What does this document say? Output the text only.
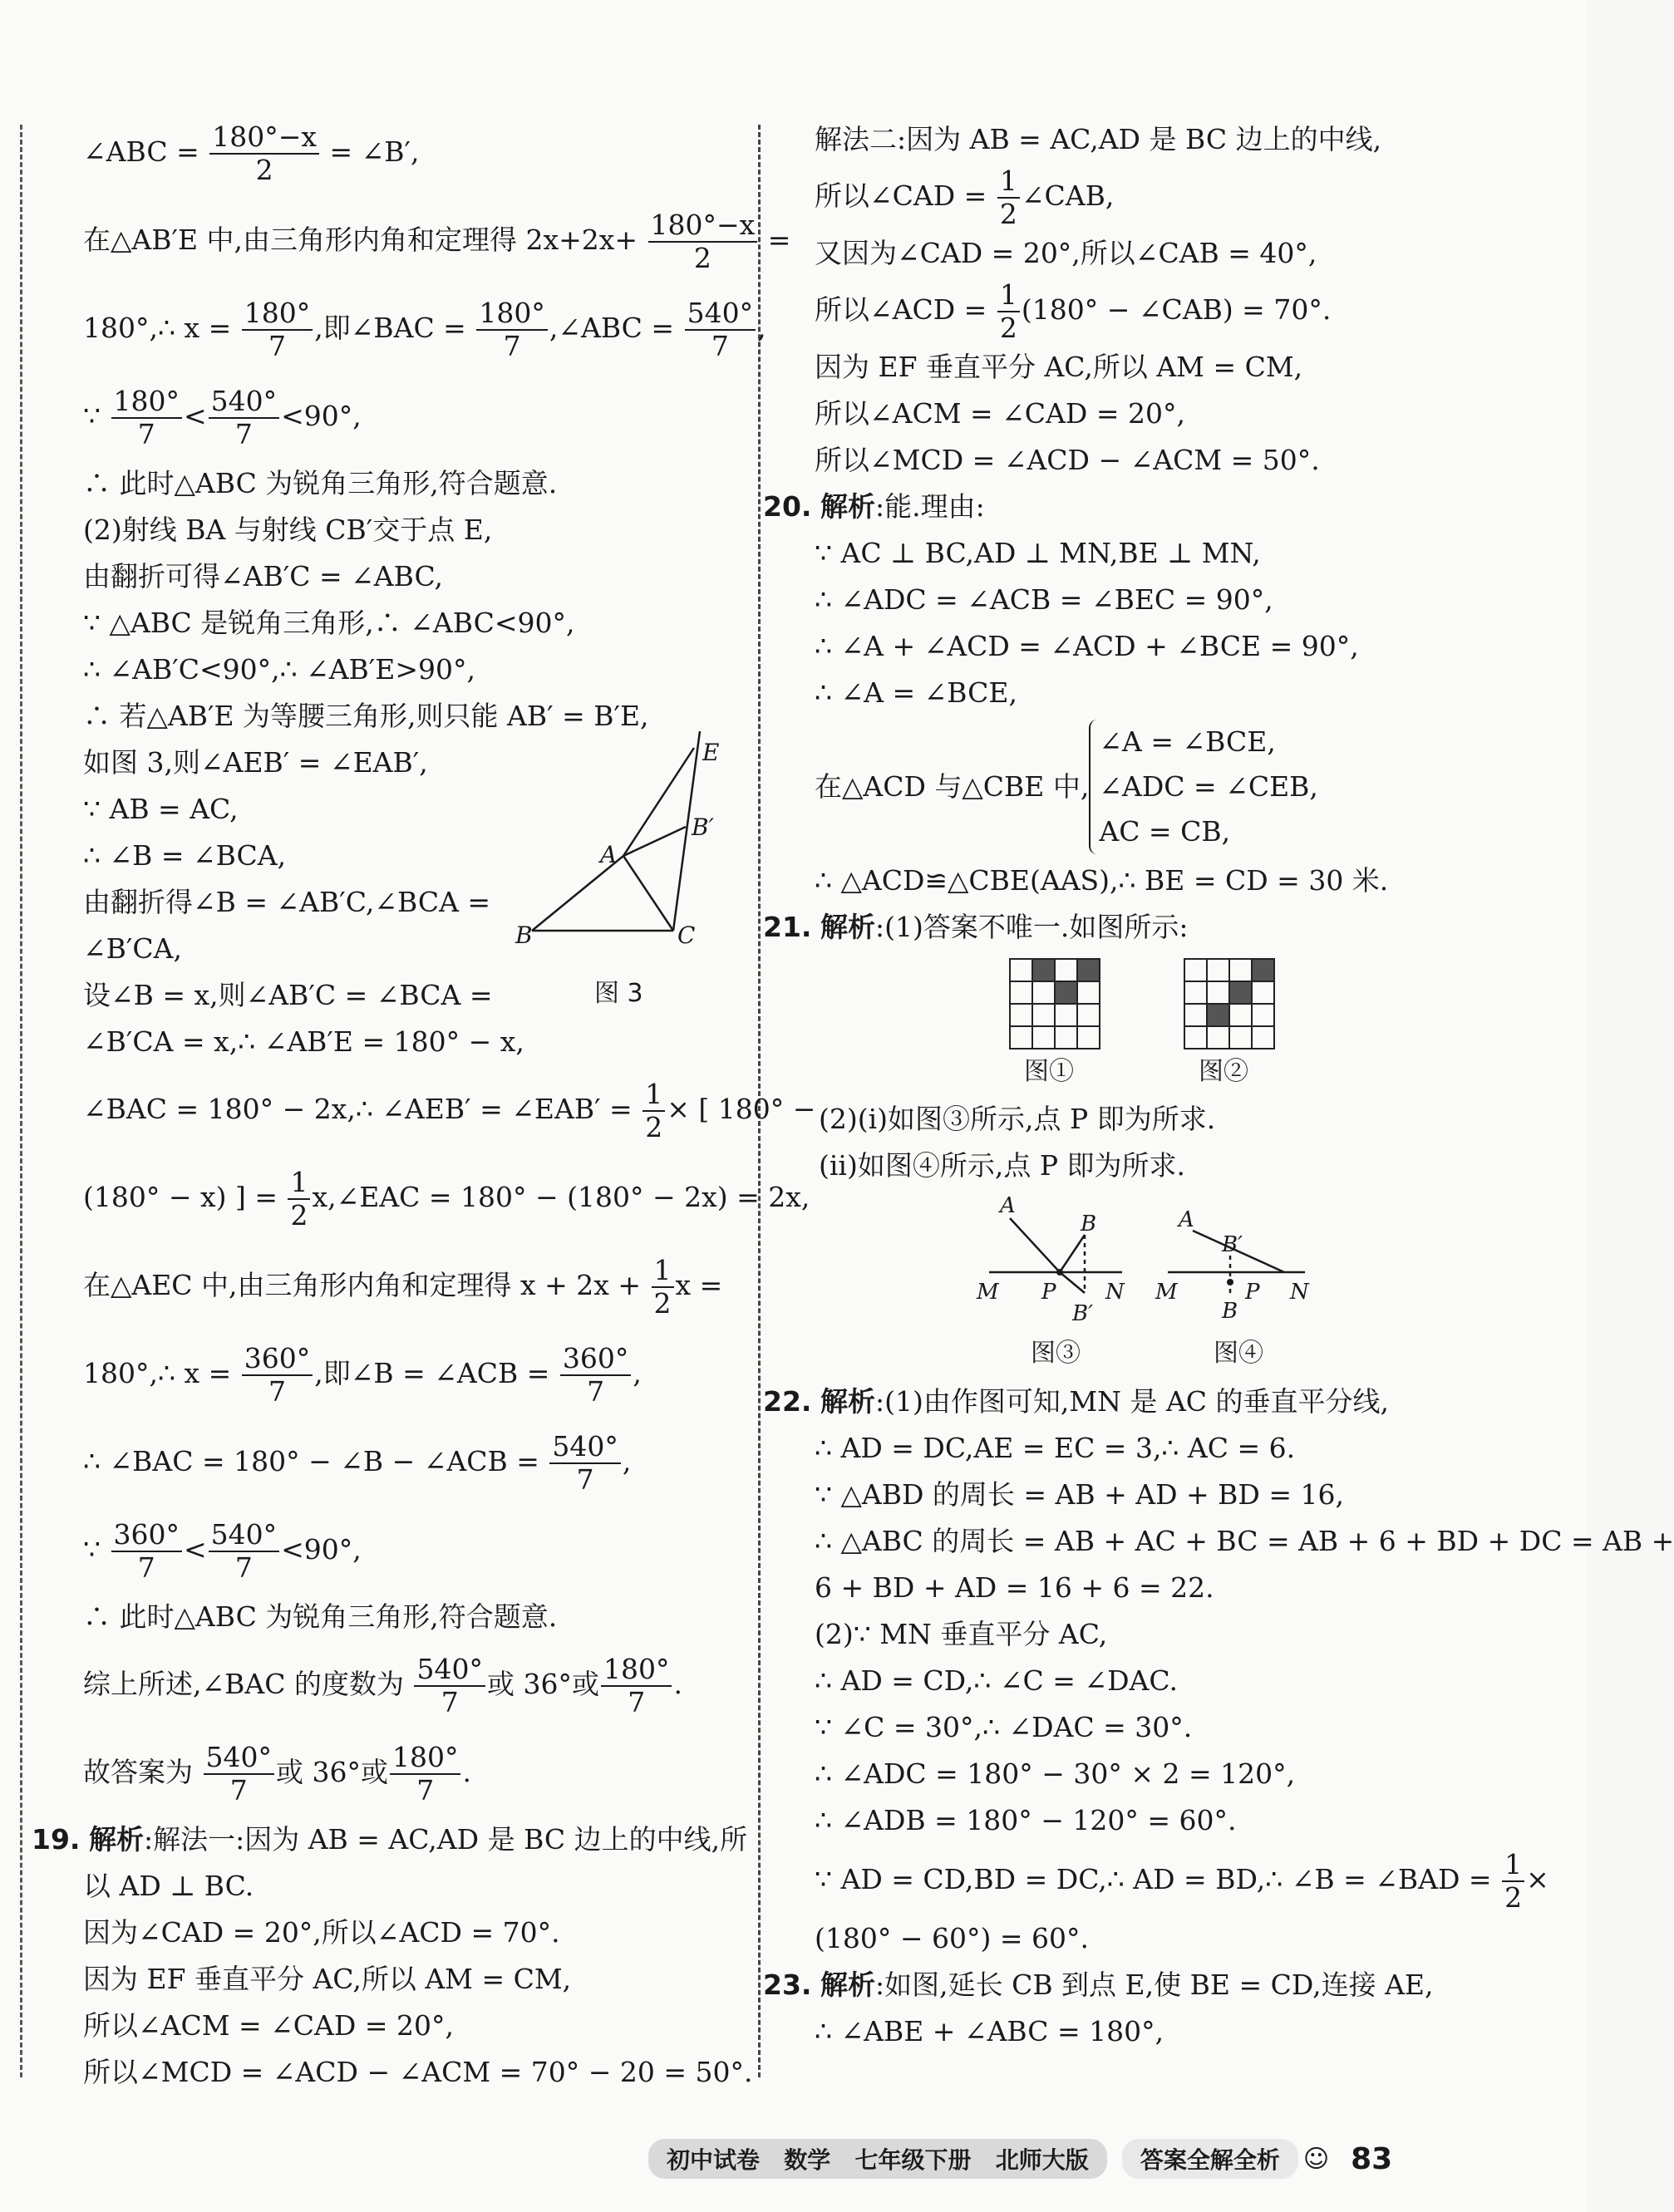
∠ABC = $\frac{180^\circ-x}{2}$ = ∠B′,
在△AB′E 中,由三角形内角和定理得 $2x+2x+ \frac{180^\circ-x}{2}$ =
180°,∴ $x = \frac{180^\circ}{7}$ ,即∠BAC = $\frac{180^\circ}{7}$ ,∠ABC = $\frac{540^\circ}{7}$ ,
∵ $\frac{180^\circ}{7} < \frac{540^\circ}{7} <90^\circ$,
∴ 此时△ABC 为锐角三角形,符合题意.
(2)射线 BA 与射线 CB′交于点 E,
由翻折可得∠AB′C = ∠ABC,
∵ △ABC 是锐角三角形,∴ ∠ABC<90°,
∴ ∠AB′C<90°,∴ ∠AB′E>90°,
∴ 若△AB′E 为等腰三角形,则只能 AB′ = B′E,
如图 3,则∠AEB′ = ∠EAB′,
∵ AB = AC,
∴ ∠B = ∠BCA,
由翻折得∠B = ∠AB′C,∠BCA =
∠B′CA,
设∠B = x,则∠AB′C = ∠BCA =
E
B′
A
B	C
图 3
∠B′CA = x,∴ ∠AB′E = 180° − x,
∠BAC = 180° − 2x,∴ ∠AEB′ = ∠EAB′ = $\frac{1}{2}$ × [ 180° −
(180° − x) ] = $\frac{1}{2}$ x,∠EAC = 180° − (180° − 2x) = 2x,
在△AEC 中,由三角形内角和定理得 $x + 2x + \frac{1}{2}$ x =
180°,∴ $x = \frac{360^\circ}{7}$ ,即∠B = ∠ACB = $\frac{360^\circ}{7}$ ,
∴ ∠BAC = 180° − ∠B − ∠ACB = $\frac{540^\circ}{7}$ ,
∵ $\frac{360^\circ}{7} < \frac{540^\circ}{7} <90^\circ$,
∴ 此时△ABC 为锐角三角形,符合题意.
综上所述,∠BAC 的度数为 $\frac{540^\circ}{7}$ 或 36°或 $\frac{180^\circ}{7}$ .
故答案为 $\frac{540^\circ}{7}$ 或 36°或 $\frac{180^\circ}{7}$ .
19. 解析:解法一:因为 AB = AC,AD 是 BC 边上的中线,所
以 AD ⊥ BC.
因为∠CAD = 20°,所以∠ACD = 70°.
因为 EF 垂直平分 AC,所以 AM = CM,
所以∠ACM = ∠CAD = 20°,
所以∠MCD = ∠ACD − ∠ACM = 70° − 20 = 50°.
解法二:因为 AB = AC,AD 是 BC 边上的中线,
所以∠CAD = $\frac{1}{2}$ ∠CAB,
又因为∠CAD = 20°,所以∠CAB = 40°,
所以∠ACD = $\frac{1}{2} (180^\circ$ − ∠CAB) = 70°.
因为 EF 垂直平分 AC,所以 AM = CM,
所以∠ACM = ∠CAD = 20°,
所以∠MCD = ∠ACD − ∠ACM = 50°.
20. 解析:能.理由:
∵ AC ⊥ BC,AD ⊥ MN,BE ⊥ MN,
∴ ∠ADC = ∠ACB = ∠BEC = 90°,
∴ ∠A + ∠ACD = ∠ACD + ∠BCE = 90°,
∴ ∠A = ∠BCE,
在△ACD 与△CBE 中,
∠A = ∠BCE,
∠ADC = ∠CEB,
AC = CB,
∴ △ACD≌△CBE(AAS),∴ BE = CD = 30 米.
21. 解析:(1)答案不唯一.如图所示:
图①	图②
(2)(i)如图③所示,点 P 即为所求.
(ii)如图④所示,点 P 即为所求.
A
B
M P N
B′
A
B′
M	P N
B
图③	图④
22. 解析:(1)由作图可知,MN 是 AC 的垂直平分线,
∴ AD = DC,AE = EC = 3,∴ AC = 6.
∵ △ABD 的周长 = AB + AD + BD = 16,
∴ △ABC 的周长 = AB + AC + BC = AB + 6 + BD + DC = AB +
6 + BD + AD = 16 + 6 = 22.
(2)∵ MN 垂直平分 AC,
∴ AD = CD,∴ ∠C = ∠DAC.
∵ ∠C = 30°,∴ ∠DAC = 30°.
∴ ∠ADC = 180° − 30° × 2 = 120°,
∴ ∠ADB = 180° − 120° = 60°.
∵ AD = CD,BD = DC,∴ AD = BD,∴ ∠B = ∠BAD = $\frac{1}{2}$ ×
(180° − 60°) = 60°.
23. 解析:如图,延长 CB 到点 E,使 BE = CD,连接 AE,
∴ ∠ABE + ∠ABC = 180°,
初中试卷 数学 七年级下册 北师大版	答案全解全析 ☺ 83
